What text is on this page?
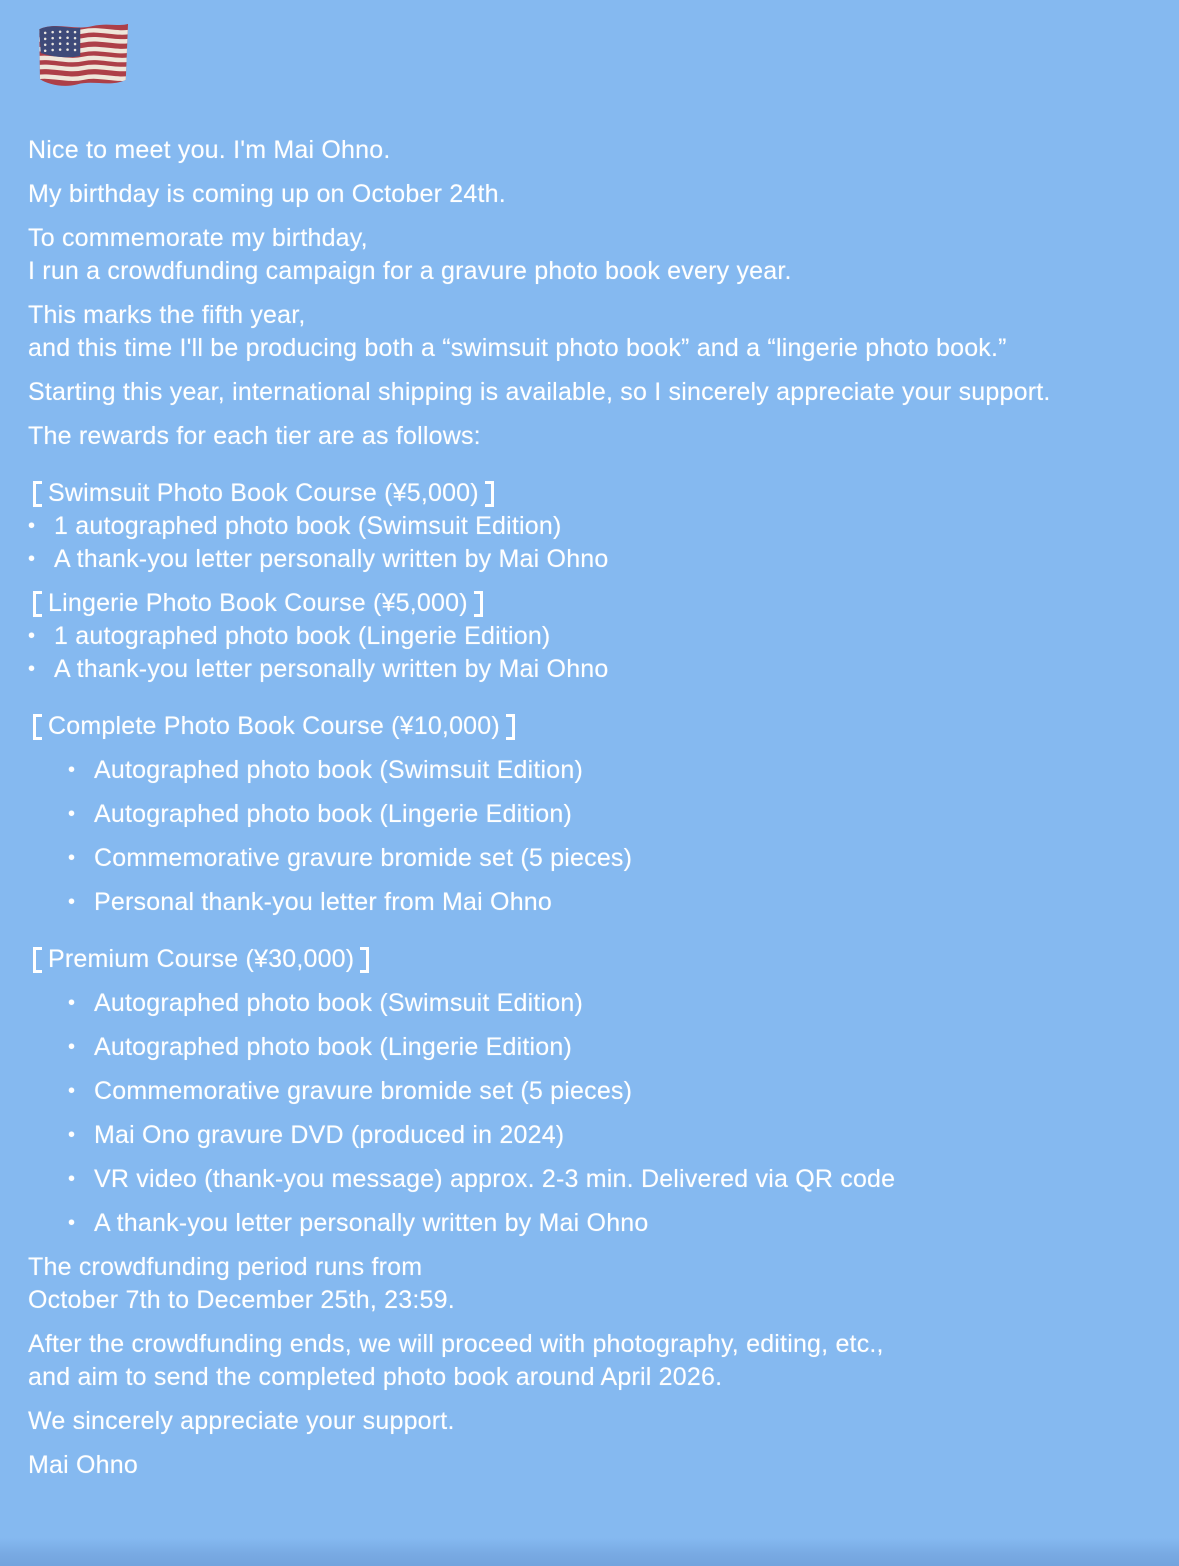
Nice to meet you. I'm Mai Ohno.

My birthday is coming up on October 24th.

To commemorate my birthday,
I run a crowdfunding campaign for a gravure photo book every year.

This marks the fifth year,
and this time I'll be producing both a “swimsuit photo book” and a “lingerie photo book.”

Starting this year, international shipping is available, so I sincerely appreciate your support.

The rewards for each tier are as follows:

Swimsuit Photo Book Course (¥5,000)
• 1 autographed photo book (Swimsuit Edition)
• A thank-you letter personally written by Mai Ohno
Lingerie Photo Book Course (¥5,000)
• 1 autographed photo book (Lingerie Edition)
• A thank-you letter personally written by Mai Ohno
Complete Photo Book Course (¥10,000)
• Autographed photo book (Swimsuit Edition)
• Autographed photo book (Lingerie Edition)
• Commemorative gravure bromide set (5 pieces)
• Personal thank-you letter from Mai Ohno
Premium Course (¥30,000)
• Autographed photo book (Swimsuit Edition)
• Autographed photo book (Lingerie Edition)
• Commemorative gravure bromide set (5 pieces)
• Mai Ono gravure DVD (produced in 2024)
• VR video (thank-you message) approx. 2-3 min. Delivered via QR code
• A thank-you letter personally written by Mai Ohno

The crowdfunding period runs from
October 7th to December 25th, 23:59.

After the crowdfunding ends, we will proceed with photography, editing, etc.,
and aim to send the completed photo book around April 2026.

We sincerely appreciate your support.

Mai Ohno
